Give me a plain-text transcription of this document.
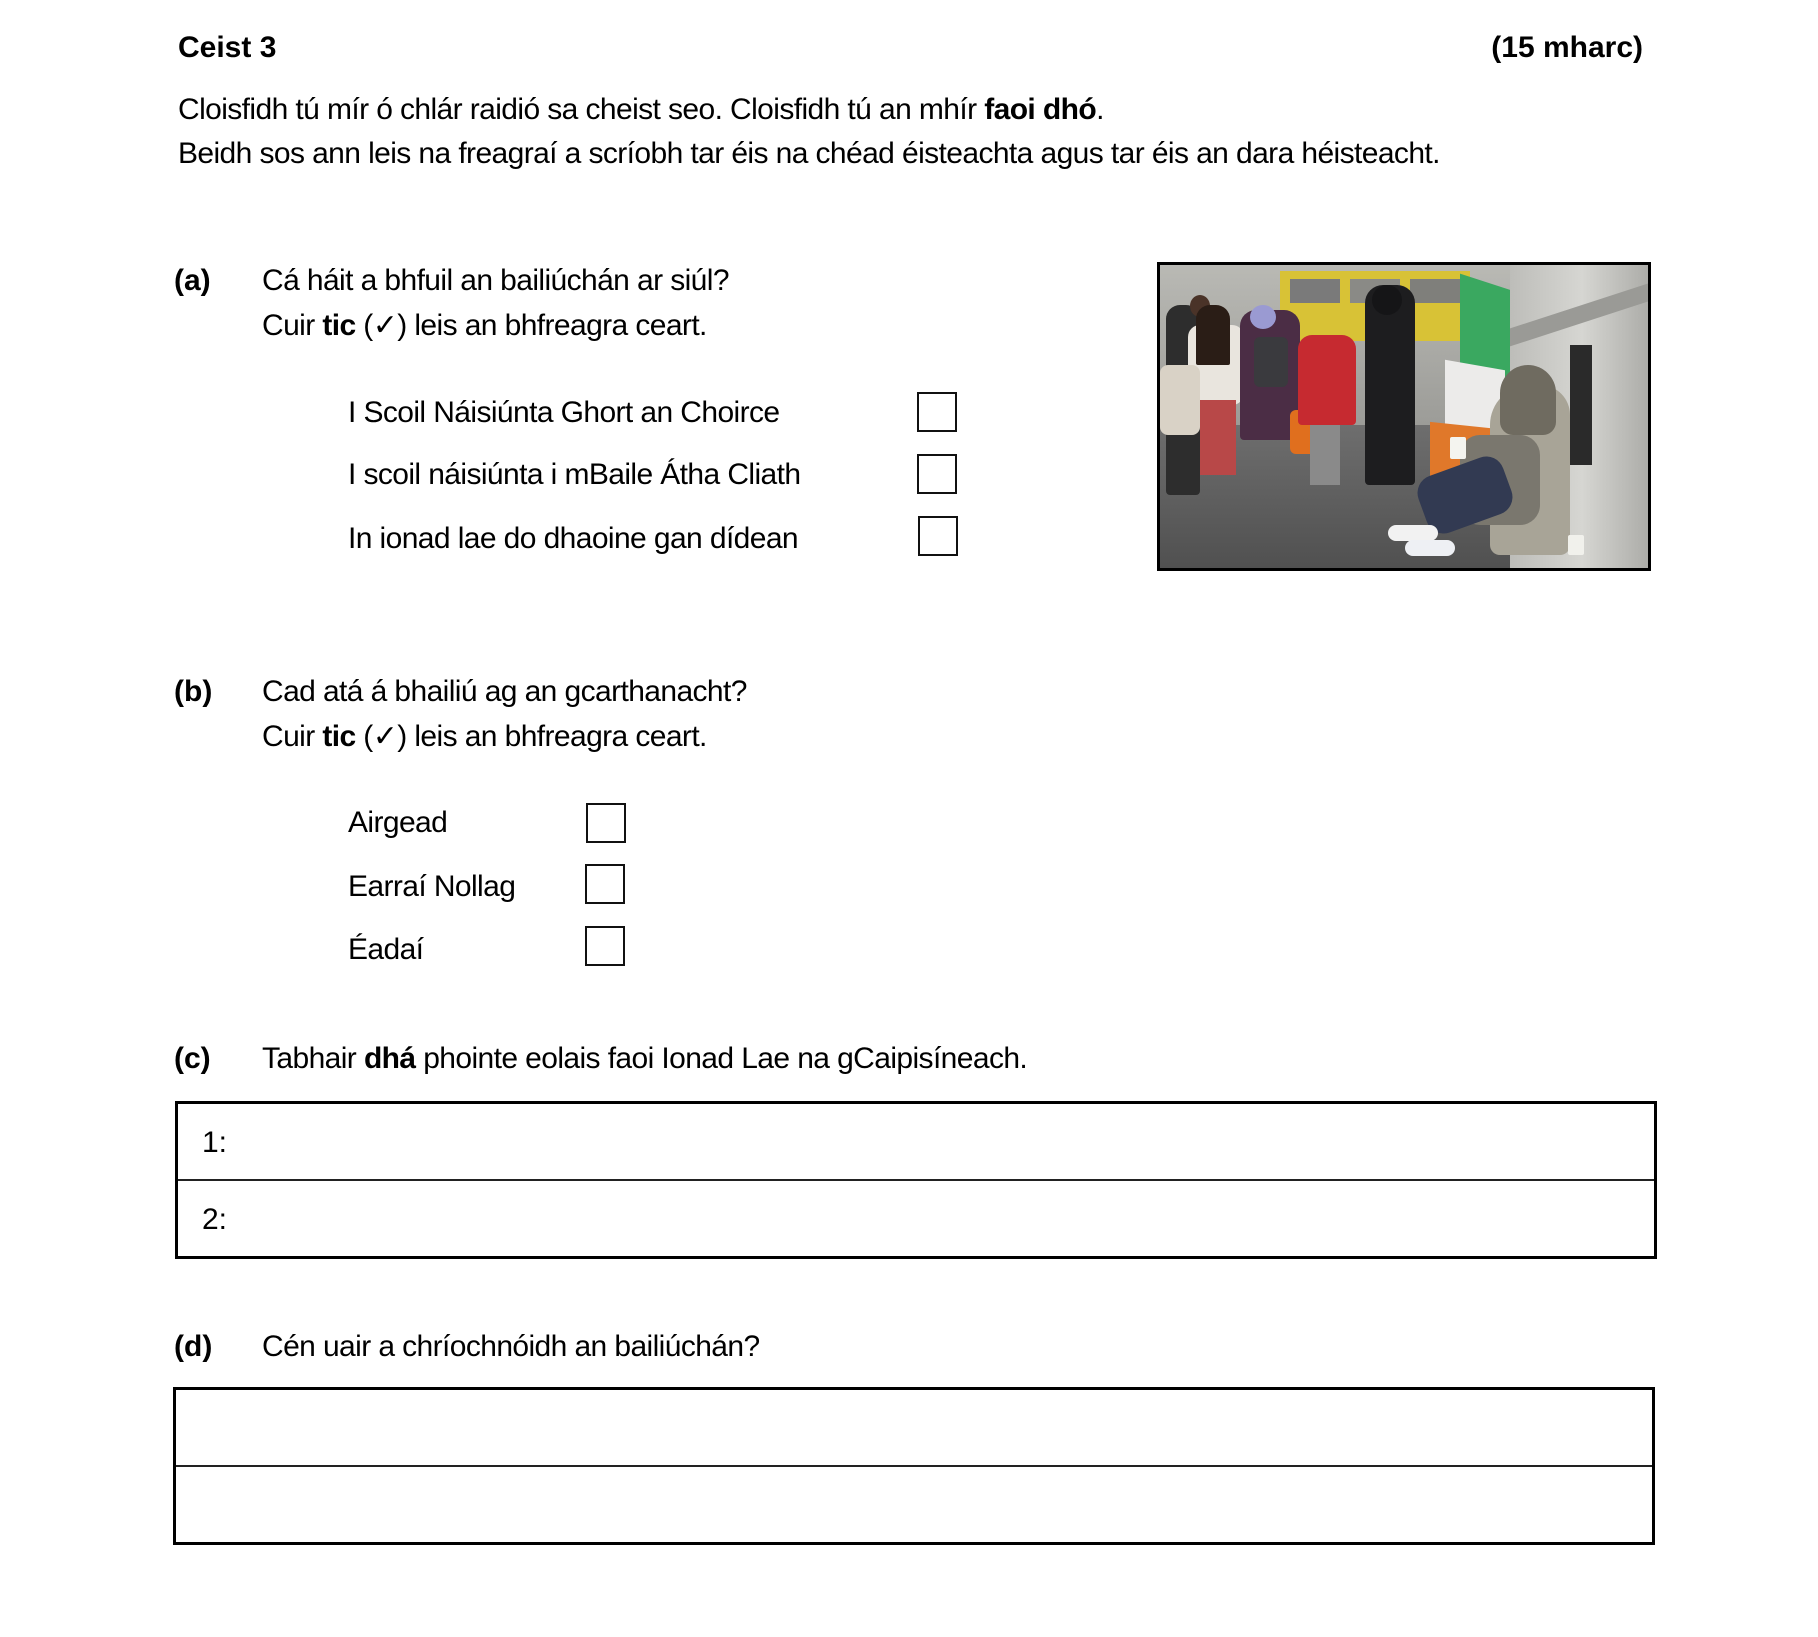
Ceist 3	(15 mharc)
Cloisfidh tú mír ó chlár raidió sa cheist seo. Cloisfidh tú an mhír faoi dhó.
Beidh sos ann leis na freagraí a scríobh tar éis na chéad éisteachta agus tar éis an dara héisteacht.
(a) Cá háit a bhfuil an bailiúchán ar siúl?
Cuir tic (✓) leis an bhfreagra ceart.
I Scoil Náisiúnta Ghort an Choirce
I scoil náisiúnta i mBaile Átha Cliath
In ionad lae do dhaoine gan dídean
(b) Cad atá á bhailiú ag an gcarthanacht?
Cuir tic (✓) leis an bhfreagra ceart.
Airgead
Earraí Nollag
Éadaí
(c) Tabhair dhá phointe eolais faoi Ionad Lae na gCaipisíneach.
1:
2:
(d) Cén uair a chríochnóidh an bailiúchán?
